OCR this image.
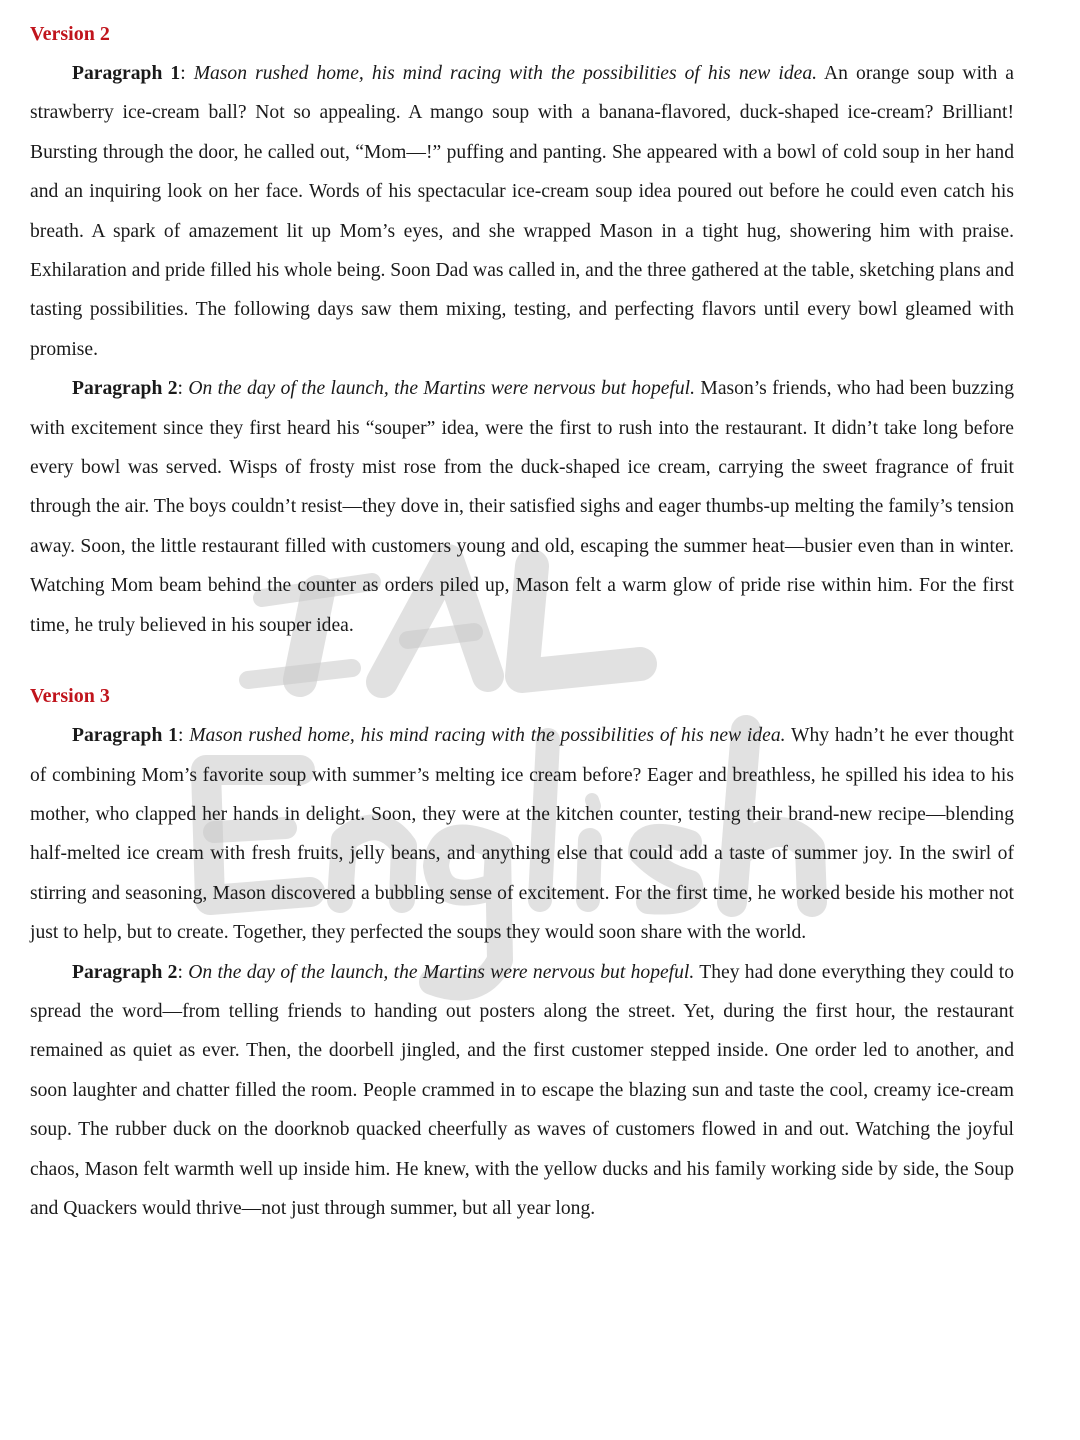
Version 2

Paragraph 1: Mason rushed home, his mind racing with the possibilities of his new idea. An orange soup with a strawberry ice-cream ball? Not so appealing. A mango soup with a banana-flavored, duck-shaped ice-cream? Brilliant! Bursting through the door, he called out, “Mom—!” puffing and panting. She appeared with a bowl of cold soup in her hand and an inquiring look on her face. Words of his spectacular ice-cream soup idea poured out before he could even catch his breath. A spark of amazement lit up Mom’s eyes, and she wrapped Mason in a tight hug, showering him with praise. Exhilaration and pride filled his whole being. Soon Dad was called in, and the three gathered at the table, sketching plans and tasting possibilities. The following days saw them mixing, testing, and perfecting flavors until every bowl gleamed with promise.

Paragraph 2: On the day of the launch, the Martins were nervous but hopeful. Mason’s friends, who had been buzzing with excitement since they first heard his “souper” idea, were the first to rush into the restaurant. It didn’t take long before every bowl was served. Wisps of frosty mist rose from the duck-shaped ice cream, carrying the sweet fragrance of fruit through the air. The boys couldn’t resist—they dove in, their satisfied sighs and eager thumbs-up melting the family’s tension away. Soon, the little restaurant filled with customers young and old, escaping the summer heat—busier even than in winter. Watching Mom beam behind the counter as orders piled up, Mason felt a warm glow of pride rise within him. For the first time, he truly believed in his souper idea.

Version 3

Paragraph 1: Mason rushed home, his mind racing with the possibilities of his new idea. Why hadn’t he ever thought of combining Mom’s favorite soup with summer’s melting ice cream before? Eager and breathless, he spilled his idea to his mother, who clapped her hands in delight. Soon, they were at the kitchen counter, testing their brand-new recipe—blending half-melted ice cream with fresh fruits, jelly beans, and anything else that could add a taste of summer joy. In the swirl of stirring and seasoning, Mason discovered a bubbling sense of excitement. For the first time, he worked beside his mother not just to help, but to create. Together, they perfected the soups they would soon share with the world.

Paragraph 2: On the day of the launch, the Martins were nervous but hopeful. They had done everything they could to spread the word—from telling friends to handing out posters along the street. Yet, during the first hour, the restaurant remained as quiet as ever. Then, the doorbell jingled, and the first customer stepped inside. One order led to another, and soon laughter and chatter filled the room. People crammed in to escape the blazing sun and taste the cool, creamy ice-cream soup. The rubber duck on the doorknob quacked cheerfully as waves of customers flowed in and out. Watching the joyful chaos, Mason felt warmth well up inside him. He knew, with the yellow ducks and his family working side by side, the Soup and Quackers would thrive—not just through summer, but all year long.
